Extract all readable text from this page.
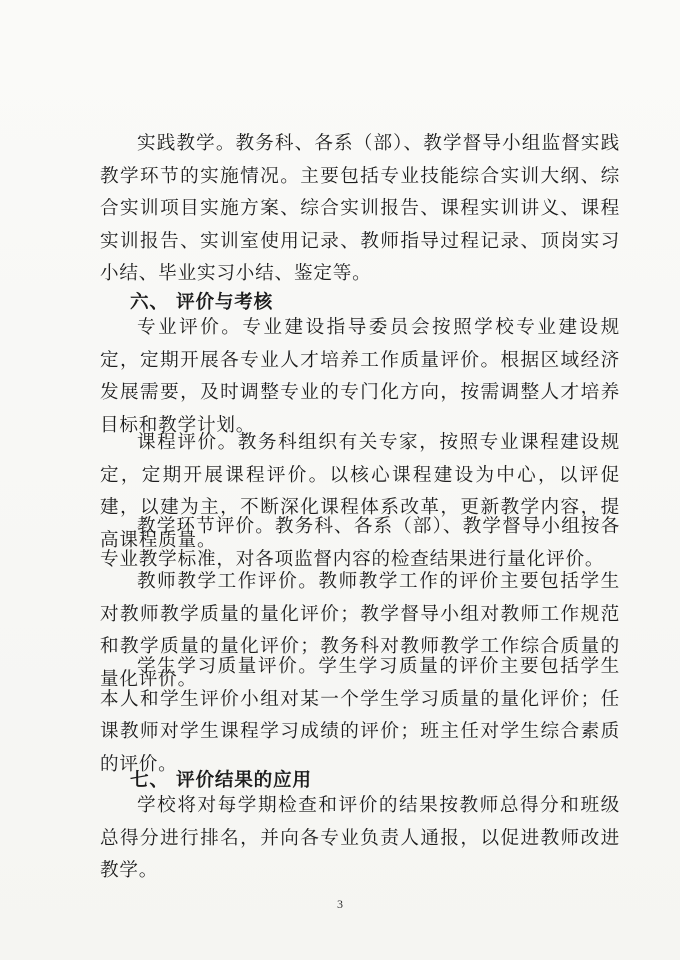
实践教学。教务科、各系（部）、教学督导小组监督实践教学环节的实施情况。主要包括专业技能综合实训大纲、综合实训项目实施方案、综合实训报告、课程实训讲义、课程实训报告、实训室使用记录、教师指导过程记录、顶岗实习小结、毕业实习小结、鉴定等。

六、 评价与考核

专业评价。专业建设指导委员会按照学校专业建设规定，定期开展各专业人才培养工作质量评价。根据区域经济发展需要，及时调整专业的专门化方向，按需调整人才培养目标和教学计划。

课程评价。教务科组织有关专家，按照专业课程建设规定，定期开展课程评价。以核心课程建设为中心，以评促建，以建为主，不断深化课程体系改革，更新教学内容，提高课程质量。

教学环节评价。教务科、各系（部）、教学督导小组按各专业教学标准，对各项监督内容的检查结果进行量化评价。

教师教学工作评价。教师教学工作的评价主要包括学生对教师教学质量的量化评价；教学督导小组对教师工作规范和教学质量的量化评价；教务科对教师教学工作综合质量的量化评价。

学生学习质量评价。学生学习质量的评价主要包括学生本人和学生评价小组对某一个学生学习质量的量化评价；任课教师对学生课程学习成绩的评价；班主任对学生综合素质的评价。

七、 评价结果的应用

学校将对每学期检查和评价的结果按教师总得分和班级总得分进行排名，并向各专业负责人通报，以促进教师改进教学。

3
